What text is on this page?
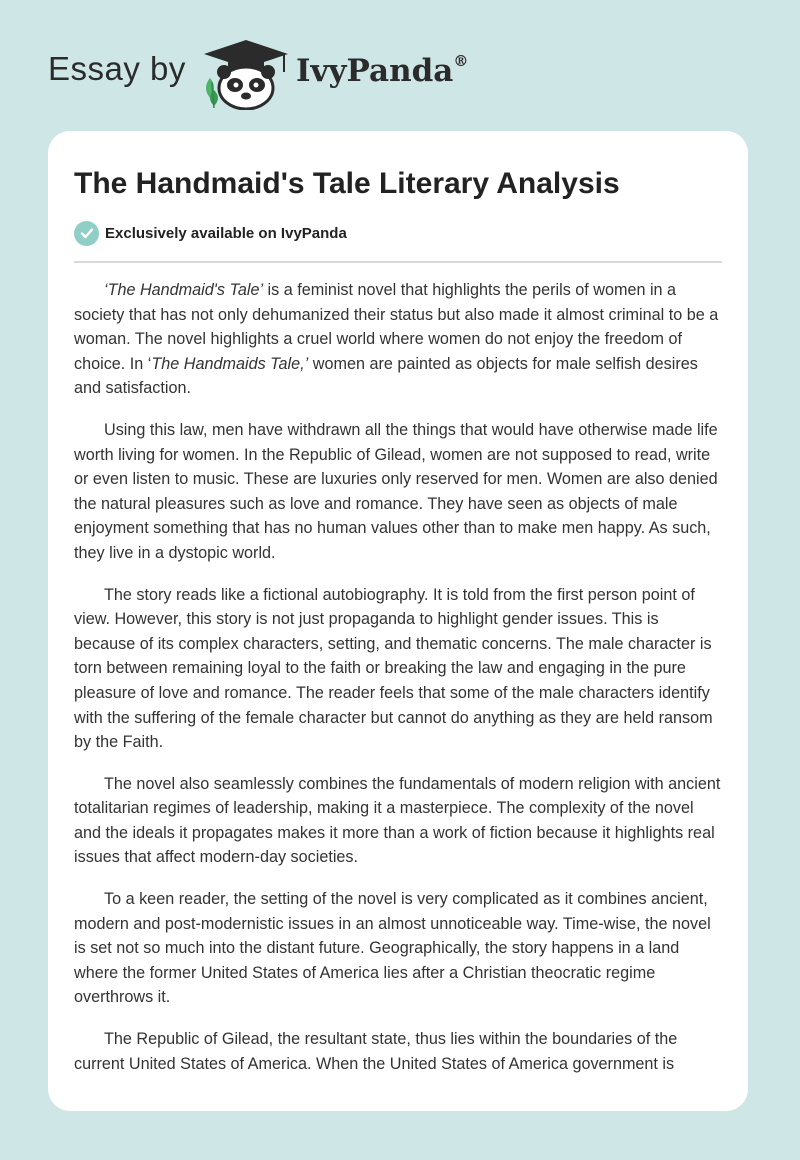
Essay by	IvyPanda®
The Handmaid's Tale Literary Analysis
Exclusively available on IvyPanda

‘The Handmaid's Tale’ is a feminist novel that highlights the perils of women in a society that has not only dehumanized their status but also made it almost criminal to be a woman. The novel highlights a cruel world where women do not enjoy the freedom of choice. In ‘The Handmaids Tale,’ women are painted as objects for male selfish desires and satisfaction.

Using this law, men have withdrawn all the things that would have otherwise made life worth living for women. In the Republic of Gilead, women are not supposed to read, write or even listen to music. These are luxuries only reserved for men. Women are also denied the natural pleasures such as love and romance. They have seen as objects of male enjoyment something that has no human values other than to make men happy. As such, they live in a dystopic world.

The story reads like a fictional autobiography. It is told from the first person point of view. However, this story is not just propaganda to highlight gender issues. This is because of its complex characters, setting, and thematic concerns. The male character is torn between remaining loyal to the faith or breaking the law and engaging in the pure pleasure of love and romance. The reader feels that some of the male characters identify with the suffering of the female character but cannot do anything as they are held ransom by the Faith.

The novel also seamlessly combines the fundamentals of modern religion with ancient totalitarian regimes of leadership, making it a masterpiece. The complexity of the novel and the ideals it propagates makes it more than a work of fiction because it highlights real issues that affect modern-day societies.

To a keen reader, the setting of the novel is very complicated as it combines ancient, modern and post-modernistic issues in an almost unnoticeable way. Time-wise, the novel is set not so much into the distant future. Geographically, the story happens in a land where the former United States of America lies after a Christian theocratic regime overthrows it.

The Republic of Gilead, the resultant state, thus lies within the boundaries of the current United States of America. When the United States of America government is
